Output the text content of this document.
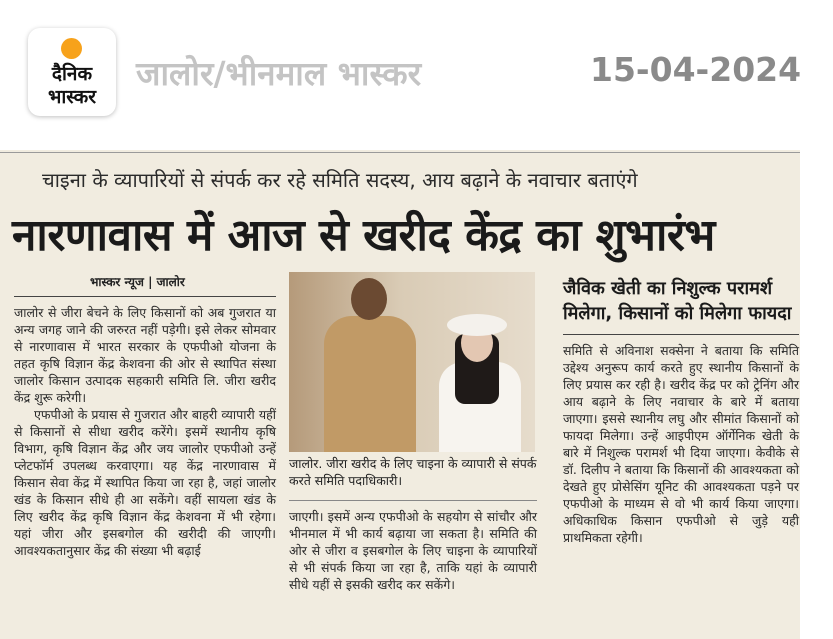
दैनिक
भास्कर
जालोर/भीनमाल भास्कर	15-04-2024
चाइना के व्यापारियों से संपर्क कर रहे समिति सदस्य, आय बढ़ाने के नवाचार बताएंगे
नारणावास में आज से खरीद केंद्र का शुभारंभ
भास्कर न्यूज | जालोर

जालोर से जीरा बेचने के लिए किसानों को अब गुजरात या अन्य जगह जाने की जरुरत नहीं पड़ेगी। इसे लेकर सोमवार से नारणावास में भारत सरकार के एफपीओ योजना के तहत कृषि विज्ञान केंद्र केशवना की ओर से स्थापित संस्था जालोर किसान उत्पादक सहकारी समिति लि. जीरा खरीद केंद्र शुरू करेगी।

एफपीओ के प्रयास से गुजरात और बाहरी व्यापारी यहीं से किसानों से सीधा खरीद करेंगे। इसमें स्थानीय कृषि विभाग, कृषि विज्ञान केंद्र और जय जालोर एफपीओ उन्हें प्लेटफॉर्म उपलब्ध करवाएगा। यह केंद्र नारणावास में किसान सेवा केंद्र में स्थापित किया जा रहा है, जहां जालोर खंड के किसान सीधे ही आ सकेंगे। वहीं सायला खंड के लिए खरीद केंद्र कृषि विज्ञान केंद्र केशवना में भी रहेगा। यहां जीरा और इसबगोल की खरीदी की जाएगी। आवश्यकतानुसार केंद्र की संख्या भी बढ़ाई

जालोर. जीरा खरीद के लिए चाइना के व्यापारी से संपर्क करते समिति पदाधिकारी।
जाएगी। इसमें अन्य एफपीओ के सहयोग से सांचौर और भीनमाल में भी कार्य बढ़ाया जा सकता है। समिति की ओर से जीरा व इसबगोल के लिए चाइना के व्यापारियों से भी संपर्क किया जा रहा है, ताकि यहां के व्यापारी सीधे यहीं से इसकी खरीद कर सकेंगे।
जैविक खेती का निशुल्क परामर्श मिलेगा, किसानों को मिलेगा फायदा
समिति से अविनाश सक्सेना ने बताया कि समिति उद्देश्य अनुरूप कार्य करते हुए स्थानीय किसानों के लिए प्रयास कर रही है। खरीद केंद्र पर को ट्रेनिंग और आय बढ़ाने के लिए नवाचार के बारे में बताया जाएगा। इससे स्थानीय लघु और सीमांत किसानों को फायदा मिलेगा। उन्हें आइपीएम ऑर्गेनिक खेती के बारे में निशुल्क परामर्श भी दिया जाएगा। केवीके से डॉ. दिलीप ने बताया कि किसानों की आवश्यकता को देखते हुए प्रोसेसिंग यूनिट की आवश्यकता पड़ने पर एफपीओ के माध्यम से वो भी कार्य किया जाएगा। अधिकाधिक किसान एफपीओ से जुड़े यही प्राथमिकता रहेगी।
